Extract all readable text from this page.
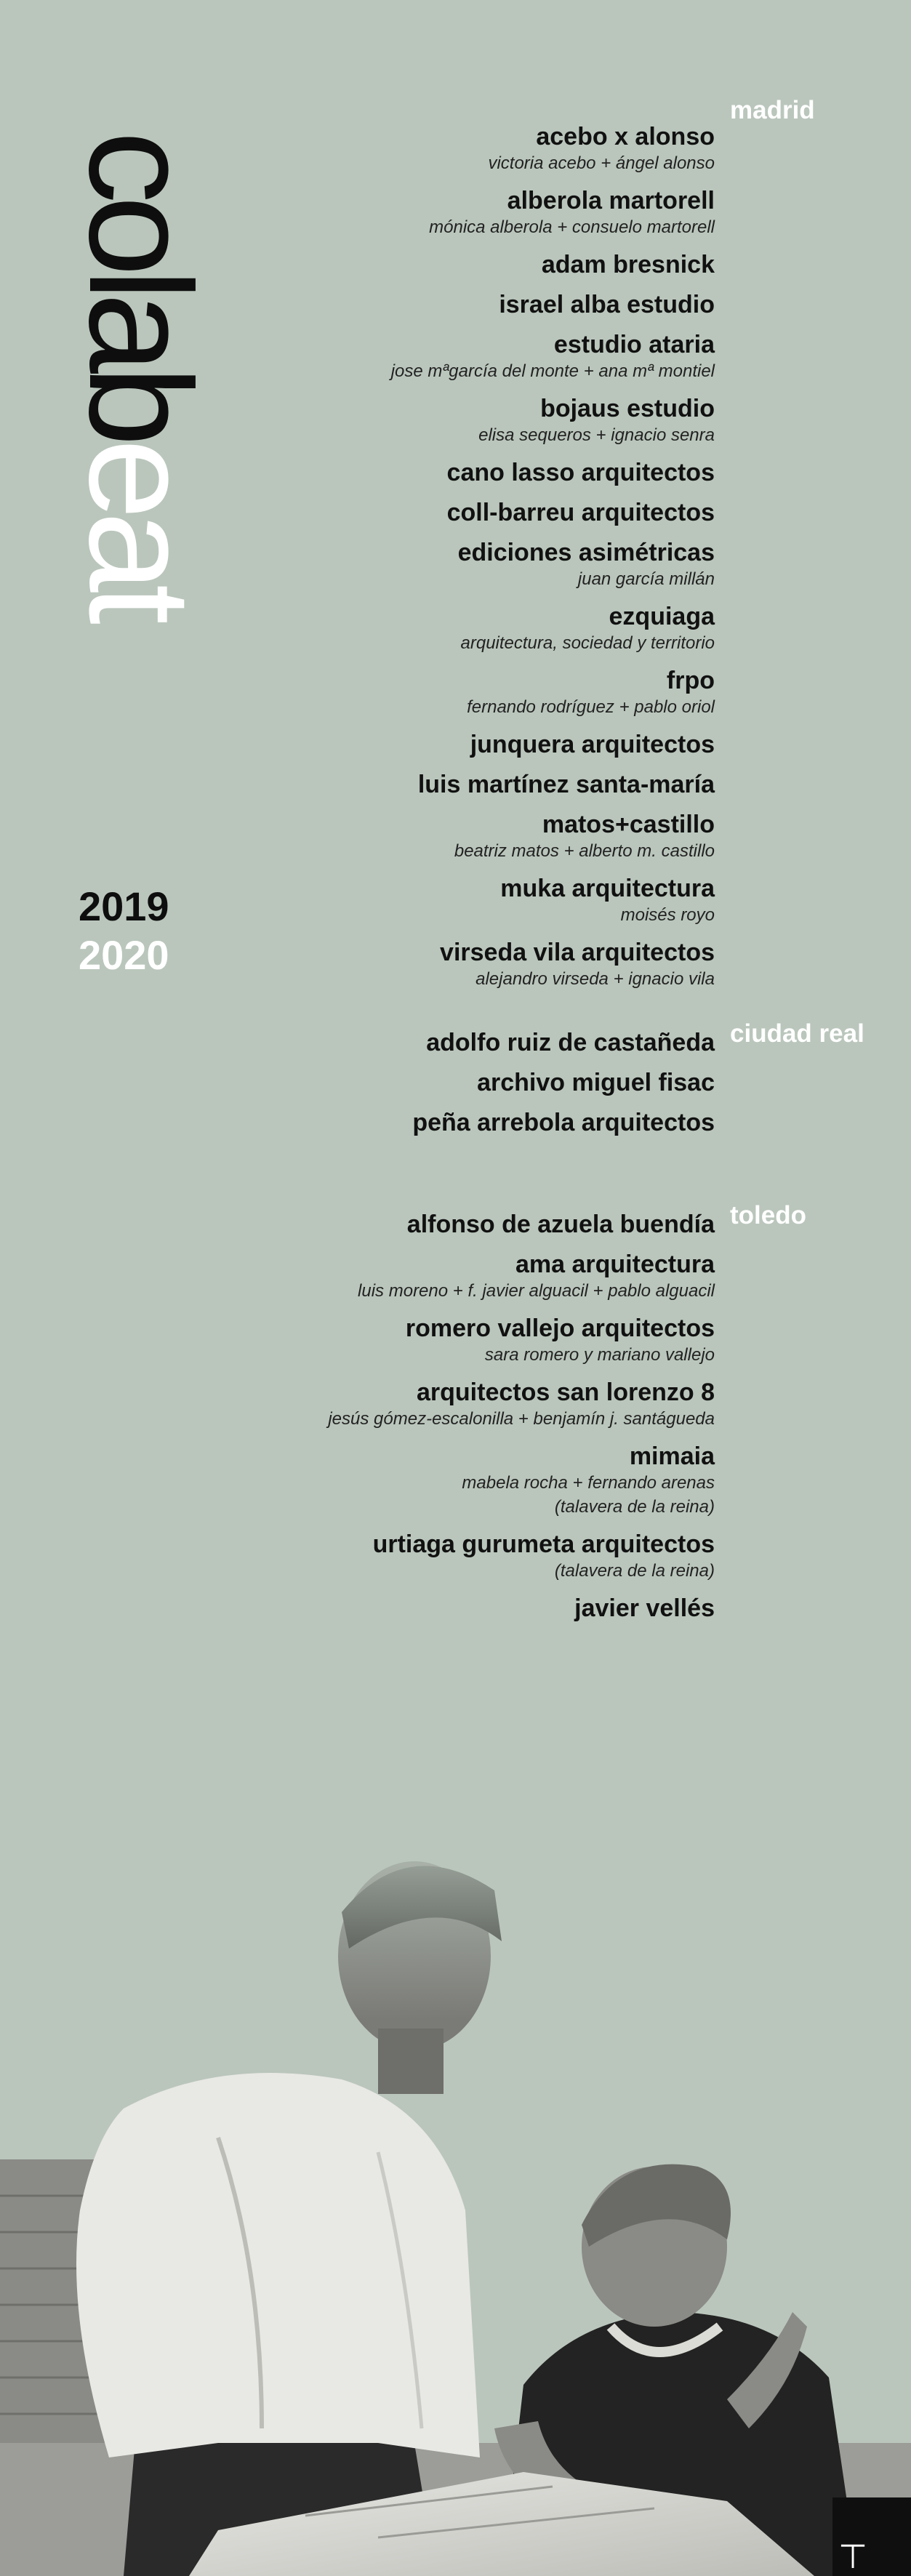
colabeat
2019
2020
madrid
ciudad real
toledo
acebo x alonso
victoria acebo + ángel alonso
alberola martorell
mónica alberola + consuelo martorell
adam bresnick
israel alba estudio
estudio ataria
jose mªgarcía del monte + ana mª montiel
bojaus estudio
elisa sequeros + ignacio senra
cano lasso arquitectos
coll-barreu arquitectos
ediciones asimétricas
juan garcía millán
ezquiaga
arquitectura, sociedad y territorio
frpo
fernando rodríguez + pablo oriol
junquera arquitectos
luis martínez santa-maría
matos+castillo
beatriz matos + alberto m. castillo
muka arquitectura
moisés royo
virseda vila arquitectos
alejandro virseda + ignacio vila
adolfo ruiz de castañeda
archivo miguel fisac
peña arrebola arquitectos
alfonso de azuela buendía
ama arquitectura
luis moreno + f. javier alguacil + pablo alguacil
romero vallejo arquitectos
sara romero y mariano vallejo
arquitectos san lorenzo 8
jesús gómez-escalonilla + benjamín j. santágueda
mimaia
mabela rocha + fernando arenas
(talavera de la reina)
urtiaga gurumeta arquitectos
(talavera de la reina)
javier vellés
⊤
